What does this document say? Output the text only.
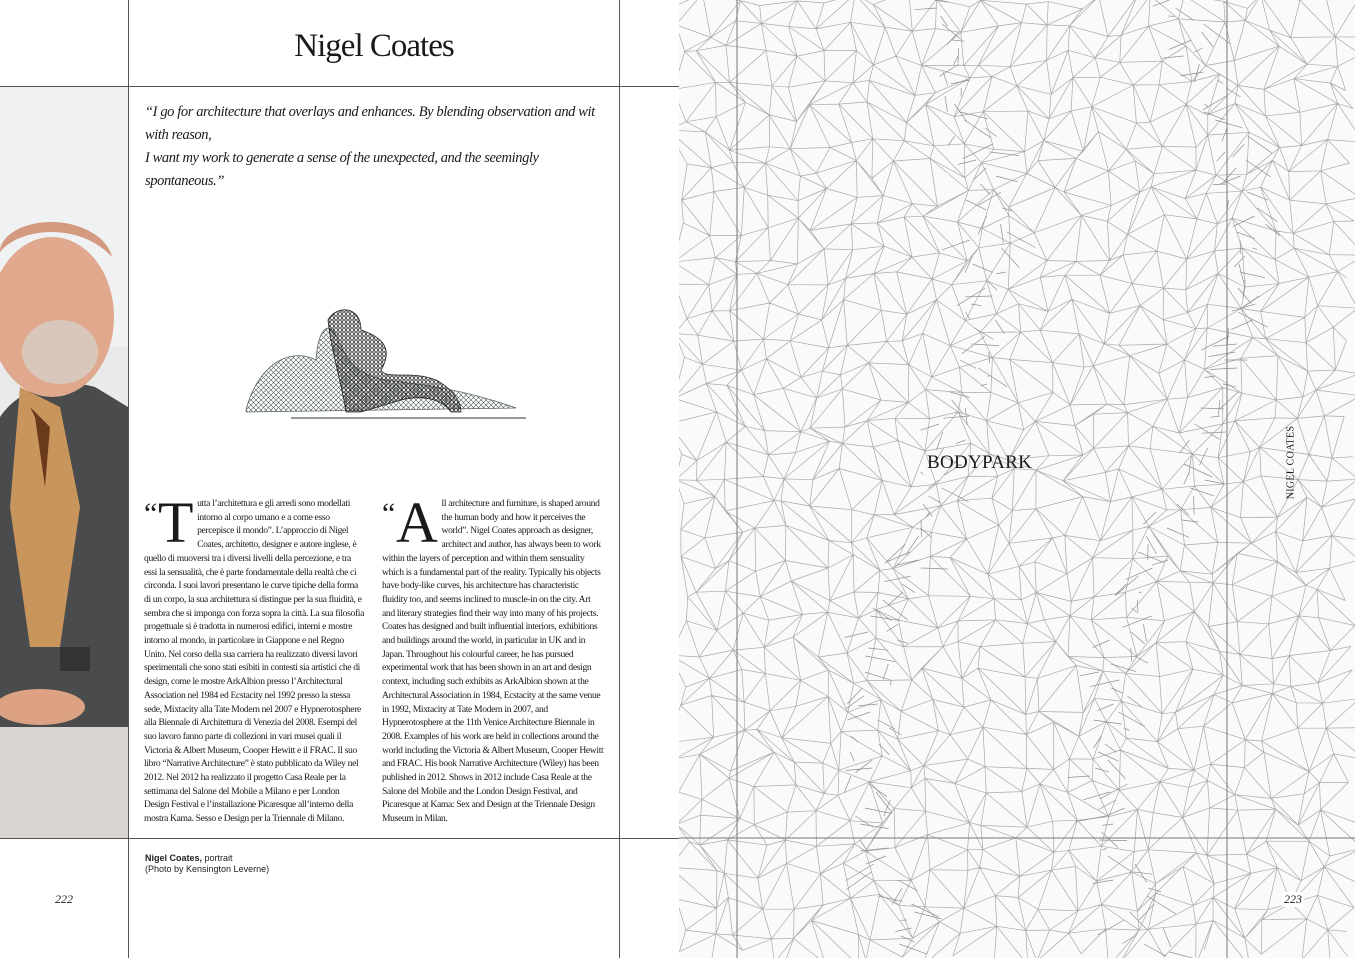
Nigel Coates
“I go for architecture that overlays and enhances. By blending observation and wit with reason,
I want my work to generate a sense of the unexpected, and the seemingly spontaneous.”
“T utta l’architettura e gli arredi sono modellati intorno al corpo umano e a come esso percepisce il mondo”. L’approccio di Nigel Coates, architetto, designer e autore inglese, è quello di muoversi tra i diversi livelli della percezione, e tra essi la sensualità, che è parte fondamentale della realtà che ci circonda. I suoi lavori presentano le curve tipiche della forma di un corpo, la sua architettura si distingue per la sua fluidità, e sembra che si imponga con forza sopra la città. La sua filosofia progettuale si è tradotta in numerosi edifici, interni e mostre intorno al mondo, in particolare in Giappone e nel Regno Unito. Nel corso della sua carriera ha realizzato diversi lavori sperimentali che sono stati esibiti in contesti sia artistici che di design, come le mostre ArkAlbion presso l’Architectural Association nel 1984 ed Ecstacity nel 1992 presso la stessa sede, Mixtacity alla Tate Modern nel 2007 e Hypnerotosphere alla Biennale di Architettura di Venezia del 2008. Esempi del suo lavoro fanno parte di collezioni in vari musei quali il Victoria & Albert Museum, Cooper Hewitt e il FRAC. Il suo libro “Narrative Architecture” è stato pubblicato da Wiley nel 2012. Nel 2012 ha realizzato il progetto Casa Reale per la settimana del Salone del Mobile a Milano e per London Design Festival e l’installazione Picaresque all’interno della mostra Kama. Sesso e Design per la Triennale di Milano.
“A ll architecture and furniture, is shaped around the human body and how it perceives the world”. Nigel Coates approach as designer, architect and author, has always been to work within the layers of perception and within them sensuality which is a fundamental part of the reality. Typically his objects have body-like curves, his architecture has characteristic fluidity too, and seems inclined to muscle-in on the city. Art and literary strategies find their way into many of his projects. Coates has designed and built influential interiors, exhibitions and buildings around the world, in particular in UK and in Japan. Throughout his colourful career, he has pursued experimental work that has been shown in an art and design context, including such exhibits as ArkAlbion shown at the Architectural Association in 1984, Ecstacity at the same venue in 1992, Mixtacity at Tate Modern in 2007, and Hypnerotosphere at the 11th Venice Architecture Biennale in 2008. Examples of his work are held in collections around the world including the Victoria & Albert Museum, Cooper Hewitt and FRAC. His book Narrative Architecture (Wiley) has been published in 2012. Shows in 2012 include Casa Reale at the Salone del Mobile and the London Design Festival, and Picaresque at Kama: Sex and Design at the Triennale Design Museum in Milan.
Nigel Coates, portrait
(Photo by Kensington Leverne)
222
BODYPARK	NIGEL COATES
223
